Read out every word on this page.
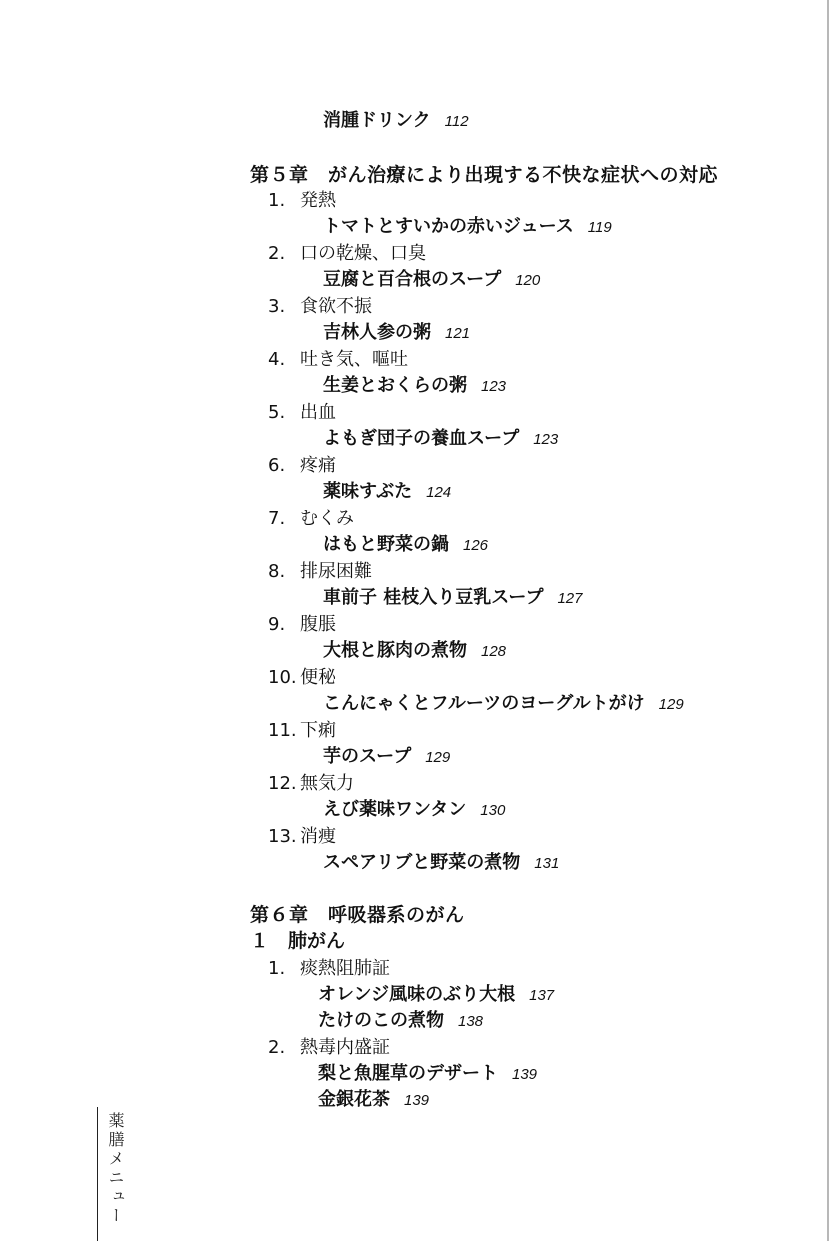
消腫ドリンク 112
第５章　がん治療により出現する不快な症状への対応
1. 発熱
トマトとすいかの赤いジュース 119
2. 口の乾燥、口臭
豆腐と百合根のスープ 120
3. 食欲不振
吉林人参の粥 121
4. 吐き気、嘔吐
生姜とおくらの粥 123
5. 出血
よもぎ団子の養血スープ 123
6. 疼痛
薬味すぶた 124
7. むくみ
はもと野菜の鍋 126
8. 排尿困難
車前子 桂枝入り豆乳スープ 127
9. 腹脹
大根と豚肉の煮物 128
10. 便秘
こんにゃくとフルーツのヨーグルトがけ 129
11. 下痢
芋のスープ 129
12. 無気力
えび薬味ワンタン 130
13. 消痩
スペアリブと野菜の煮物 131
第６章　呼吸器系のがん
１　肺がん
1. 痰熱阻肺証
オレンジ風味のぶり大根 137
たけのこの煮物 138
2. 熱毒内盛証
梨と魚腥草のデザート 139
金銀花茶 139
薬膳メニュー
